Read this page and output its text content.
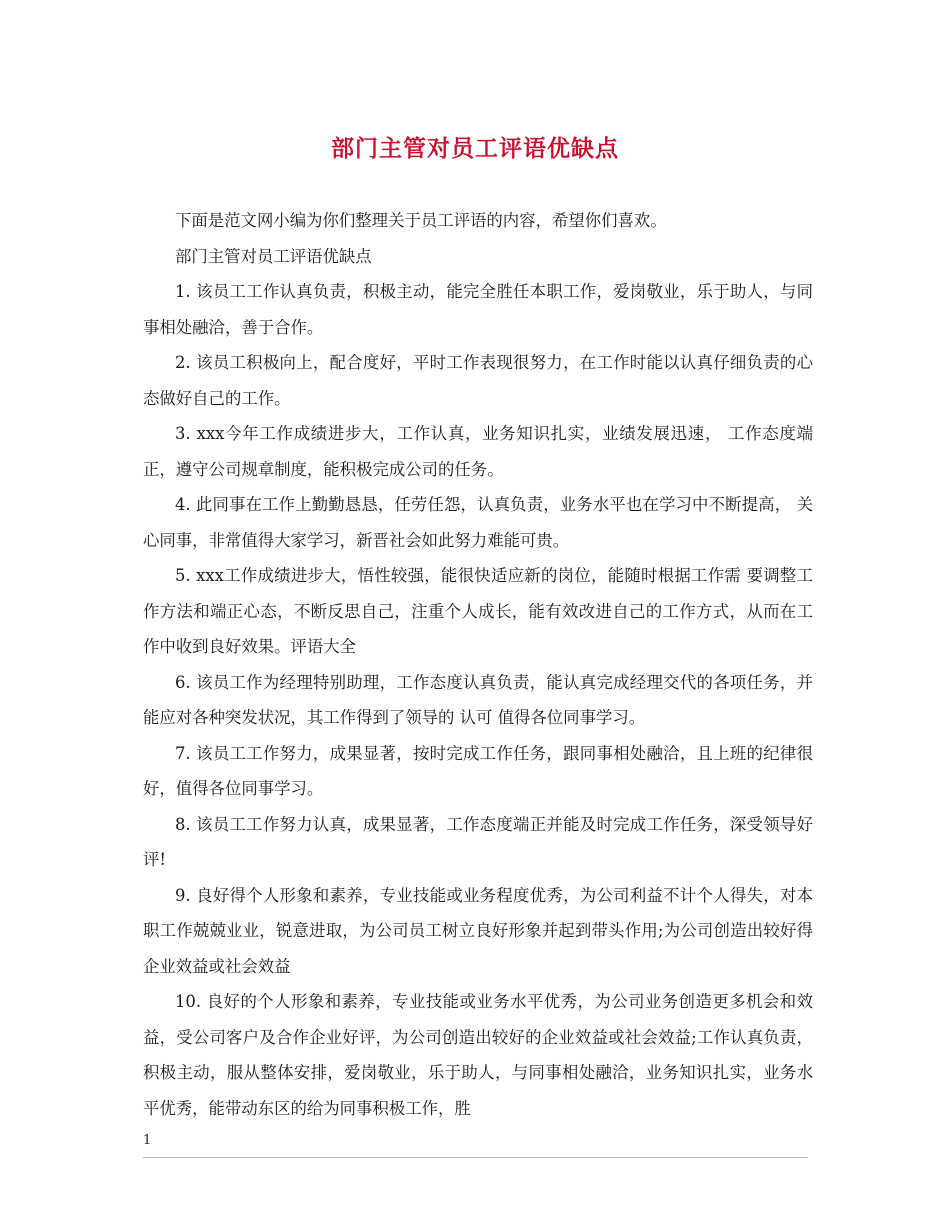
部门主管对员工评语优缺点

下面是范文网小编为你们整理关于员工评语的内容，希望你们喜欢。

部门主管对员工评语优缺点

1. 该员工工作认真负责，积极主动，能完全胜任本职工作，爱岗敬业，乐于助人，与同事相处融洽，善于合作。

2. 该员工积极向上，配合度好，平时工作表现很努力，在工作时能以认真仔细负责的心态做好自己的工作。

3. xxx今年工作成绩进步大，工作认真，业务知识扎实，业绩发展迅速， 工作态度端正，遵守公司规章制度，能积极完成公司的任务。

4. 此同事在工作上勤勤恳恳，任劳任怨，认真负责，业务水平也在学习中不断提高， 关心同事，非常值得大家学习，新晋社会如此努力难能可贵。

5. xxx工作成绩进步大，悟性较强，能很快适应新的岗位，能随时根据工作需 要调整工作方法和端正心态，不断反思自己，注重个人成长，能有效改进自己的工作方式，从而在工作中收到良好效果。评语大全

6. 该员工作为经理特别助理，工作态度认真负责，能认真完成经理交代的各项任务，并能应对各种突发状况，其工作得到了领导的 认可 值得各位同事学习。

7. 该员工工作努力，成果显著，按时完成工作任务，跟同事相处融洽，且上班的纪律很好，值得各位同事学习。

8. 该员工工作努力认真，成果显著，工作态度端正并能及时完成工作任务，深受领导好评!

9. 良好得个人形象和素养，专业技能或业务程度优秀，为公司利益不计个人得失，对本职工作兢兢业业，锐意进取，为公司员工树立良好形象并起到带头作用;为公司创造出较好得企业效益或社会效益

10. 良好的个人形象和素养，专业技能或业务水平优秀，为公司业务创造更多机会和效益，受公司客户及合作企业好评，为公司创造出较好的企业效益或社会效益;工作认真负责，积极主动，服从整体安排，爱岗敬业，乐于助人，与同事相处融洽，业务知识扎实，业务水平优秀，能带动东区的给为同事积极工作，胜

1
